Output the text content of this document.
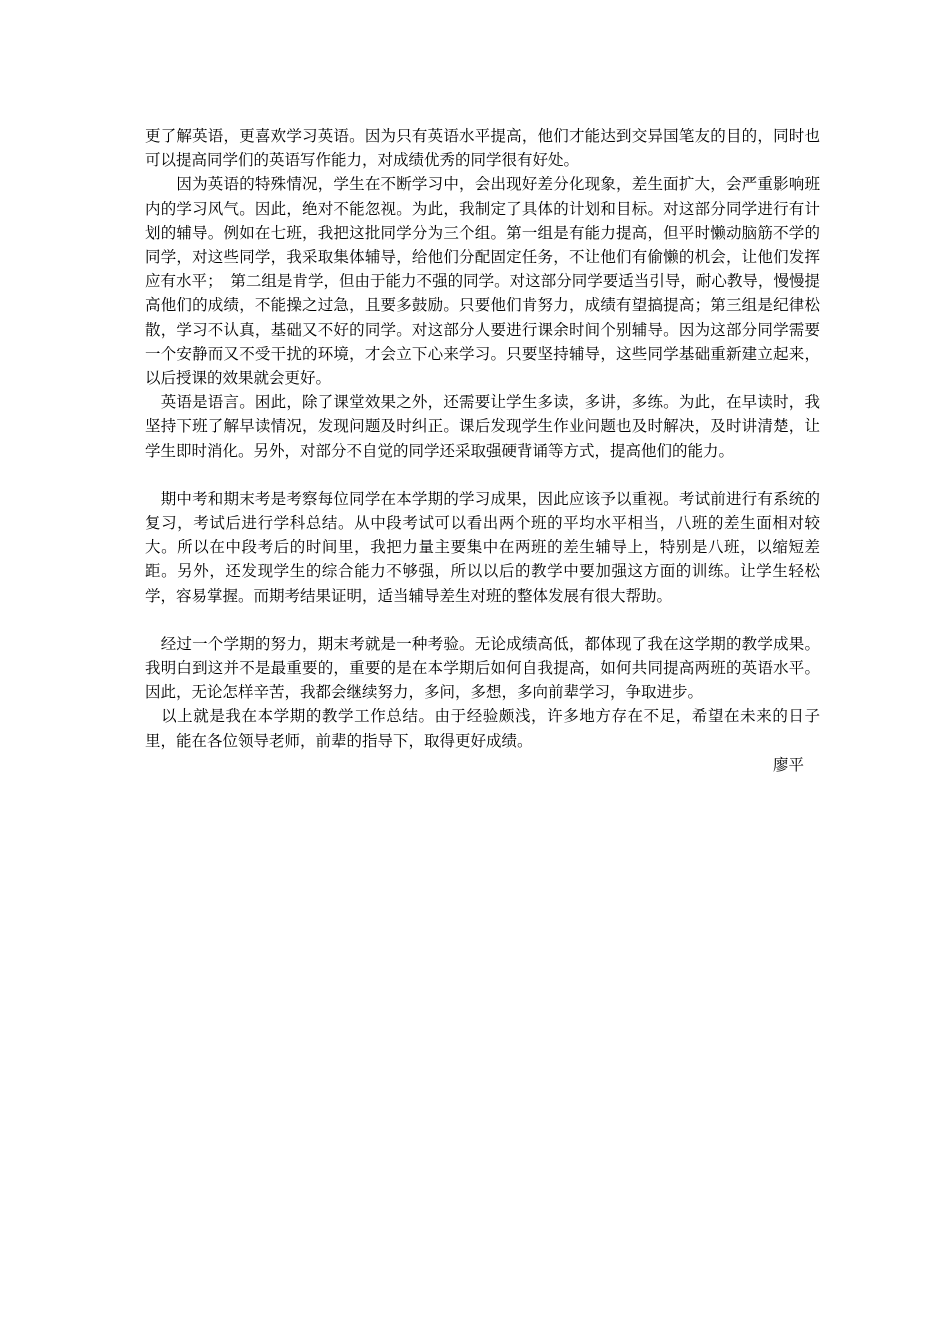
更了解英语，更喜欢学习英语。因为只有英语水平提高，他们才能达到交异国笔友的目的，同时也可以提高同学们的英语写作能力，对成绩优秀的同学很有好处。

　　因为英语的特殊情况，学生在不断学习中，会出现好差分化现象，差生面扩大，会严重影响班内的学习风气。因此，绝对不能忽视。为此，我制定了具体的计划和目标。对这部分同学进行有计划的辅导。例如在七班，我把这批同学分为三个组。第一组是有能力提高，但平时懒动脑筋不学的同学，对这些同学，我采取集体辅导，给他们分配固定任务，不让他们有偷懒的机会，让他们发挥应有水平；　第二组是肯学，但由于能力不强的同学。对这部分同学要适当引导，耐心教导，慢慢提高他们的成绩，不能操之过急，且要多鼓励。只要他们肯努力，成绩有望搞提高；第三组是纪律松散，学习不认真，基础又不好的同学。对这部分人要进行课余时间个别辅导。因为这部分同学需要一个安静而又不受干扰的环境，才会立下心来学习。只要坚持辅导，这些同学基础重新建立起来，以后授课的效果就会更好。

　英语是语言。困此，除了课堂效果之外，还需要让学生多读，多讲，多练。为此，在早读时，我坚持下班了解早读情况，发现问题及时纠正。课后发现学生作业问题也及时解决，及时讲清楚，让学生即时消化。另外，对部分不自觉的同学还采取强硬背诵等方式，提高他们的能力。

　期中考和期末考是考察每位同学在本学期的学习成果，因此应该予以重视。考试前进行有系统的复习，考试后进行学科总结。从中段考试可以看出两个班的平均水平相当，八班的差生面相对较大。所以在中段考后的时间里，我把力量主要集中在两班的差生辅导上，特别是八班，以缩短差距。另外，还发现学生的综合能力不够强，所以以后的教学中要加强这方面的训练。让学生轻松学，容易掌握。而期考结果证明，适当辅导差生对班的整体发展有很大帮助。

　经过一个学期的努力，期末考就是一种考验。无论成绩高低，都体现了我在这学期的教学成果。我明白到这并不是最重要的，重要的是在本学期后如何自我提高，如何共同提高两班的英语水平。因此，无论怎样辛苦，我都会继续努力，多问，多想，多向前辈学习，争取进步。

　以上就是我在本学期的教学工作总结。由于经验颇浅，许多地方存在不足，希望在未来的日子里，能在各位领导老师，前辈的指导下，取得更好成绩。

廖平
